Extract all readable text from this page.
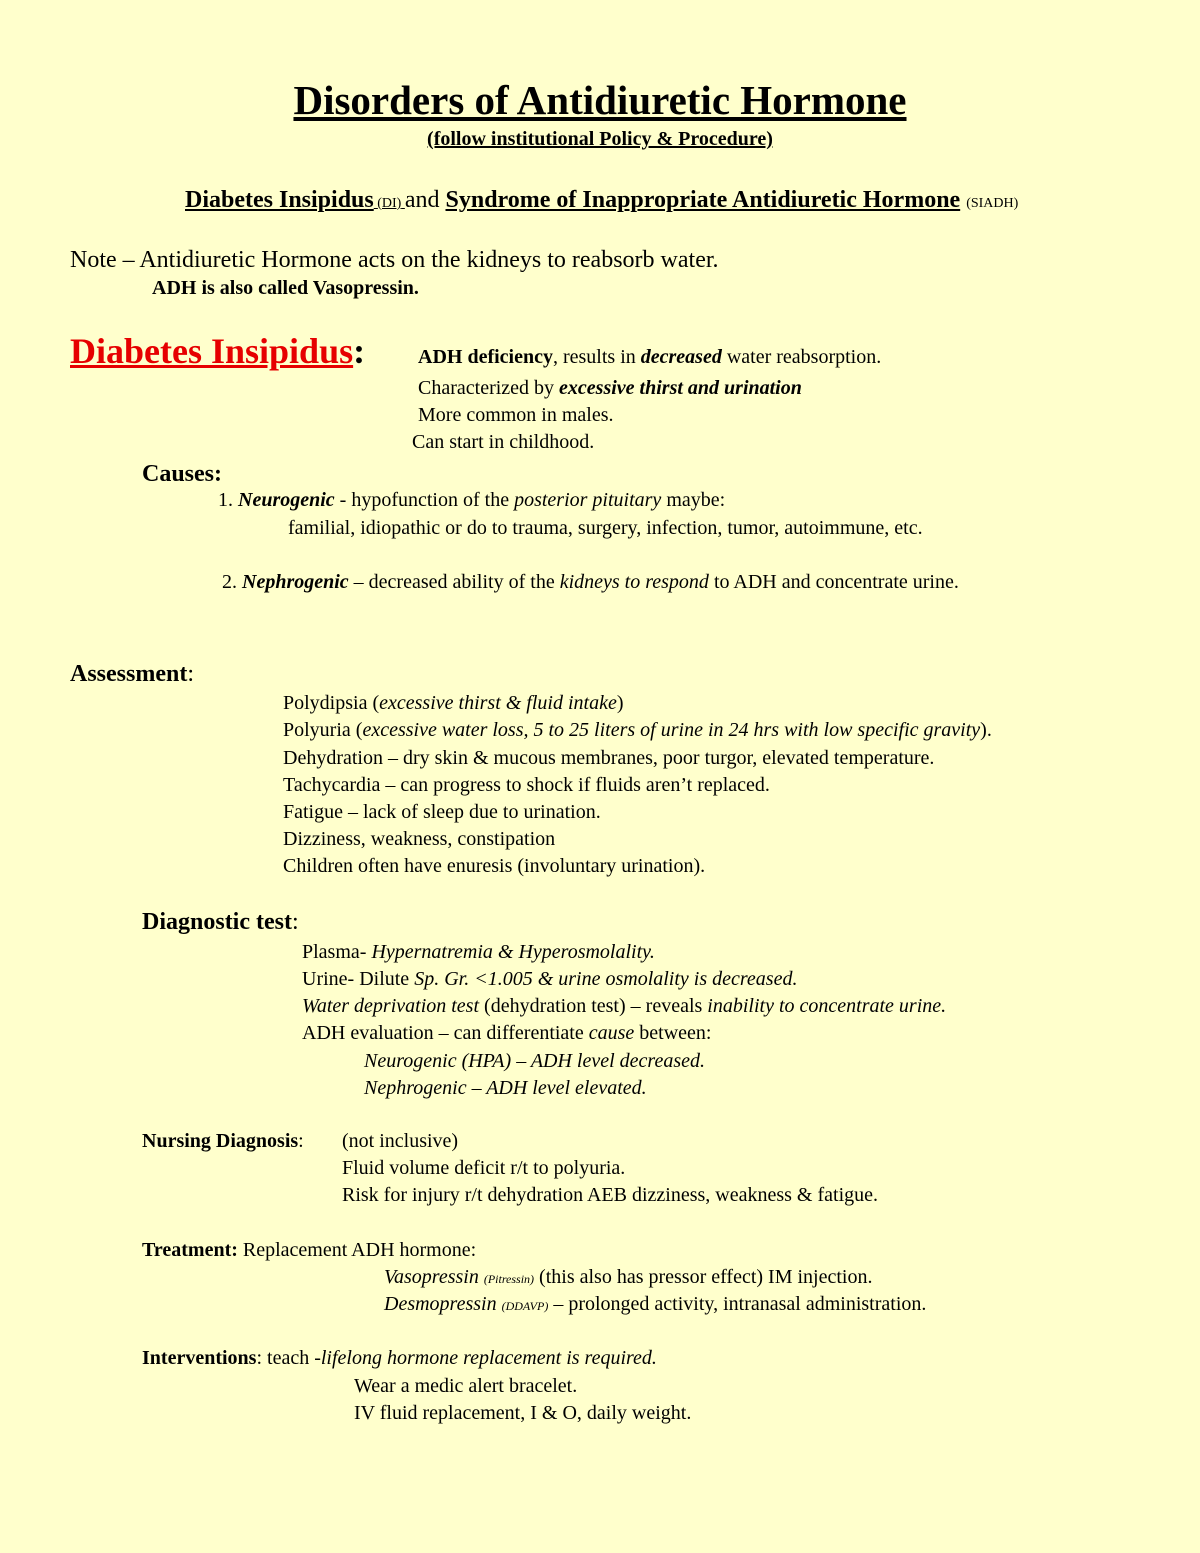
Disorders of Antidiuretic Hormone
(follow institutional Policy & Procedure)
Diabetes Insipidus (DI) and Syndrome of Inappropriate Antidiuretic Hormone (SIADH)
Note – Antidiuretic Hormone acts on the kidneys to reabsorb water.
ADH is also called Vasopressin.
Diabetes Insipidus:	ADH deficiency, results in decreased water reabsorption.
Characterized by excessive thirst and urination
More common in males.
Can start in childhood.
Causes:
1. Neurogenic - hypofunction of the posterior pituitary maybe:
familial, idiopathic or do to trauma, surgery, infection, tumor, autoimmune, etc.
2. Nephrogenic – decreased ability of the kidneys to respond to ADH and concentrate urine.
Assessment:
Polydipsia (excessive thirst & fluid intake)
Polyuria (excessive water loss, 5 to 25 liters of urine in 24 hrs with low specific gravity).
Dehydration – dry skin & mucous membranes, poor turgor, elevated temperature.
Tachycardia – can progress to shock if fluids aren’t replaced.
Fatigue – lack of sleep due to urination.
Dizziness, weakness, constipation
Children often have enuresis (involuntary urination).
Diagnostic test:
Plasma- Hypernatremia & Hyperosmolality.
Urine- Dilute Sp. Gr. <1.005 & urine osmolality is decreased.
Water deprivation test (dehydration test) – reveals inability to concentrate urine.
ADH evaluation – can differentiate cause between:
Neurogenic (HPA) – ADH level decreased.
Nephrogenic – ADH level elevated.
Nursing Diagnosis: (not inclusive)
Fluid volume deficit r/t to polyuria.
Risk for injury r/t dehydration AEB dizziness, weakness & fatigue.
Treatment: Replacement ADH hormone:
Vasopressin (Pitressin) (this also has pressor effect) IM injection.
Desmopressin (DDAVP) – prolonged activity, intranasal administration.
Interventions: teach -lifelong hormone replacement is required.
Wear a medic alert bracelet.
IV fluid replacement, I & O, daily weight.
